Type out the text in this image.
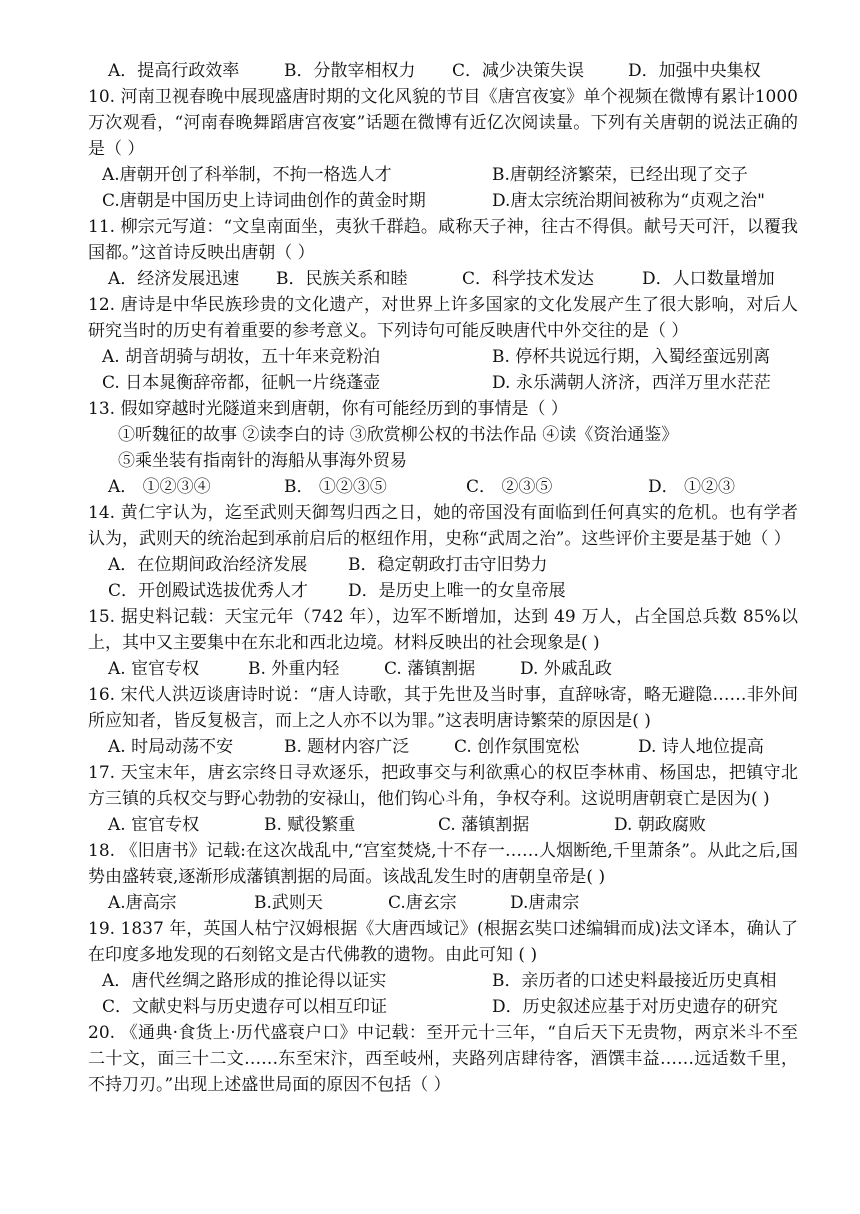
A．提高行政效率	B．分散宰相权力	C．减少决策失误	D．加强中央集权
10. 河南卫视春晚中展现盛唐时期的文化风貌的节目《唐宫夜宴》单个视频在微博有累计1000 万次观看，“河南春晚舞蹈唐宫夜宴”话题在微博有近亿次阅读量。下列有关唐朝的说法正确的是（ ）
A.唐朝开创了科举制，不拘一格选人才	B.唐朝经济繁荣，已经出现了交子
C.唐朝是中国历史上诗词曲创作的黄金时期	D.唐太宗统治期间被称为“贞观之治"
11. 柳宗元写道：“文皇南面坐，夷狄千群趋。咸称天子神，往古不得俱。献号天可汗，以覆我国都。”这首诗反映出唐朝（ ）
A．经济发展迅速	B．民族关系和睦	C．科学技术发达	D．人口数量增加
12. 唐诗是中华民族珍贵的文化遗产，对世界上许多国家的文化发展产生了很大影响，对后人研究当时的历史有着重要的参考意义。下列诗句可能反映唐代中外交往的是（ ）
A. 胡音胡骑与胡妆，五十年来竞粉泊	B. 停杯共说远行期，入蜀经蛮远别离
C. 日本晁衡辞帝都，征帆一片绕蓬壶	D. 永乐满朝人济济，西洋万里水茫茫
13. 假如穿越时光隧道来到唐朝，你有可能经历到的事情是（ ）
①听魏征的故事 ②读李白的诗 ③欣赏柳公权的书法作品 ④读《资治通鉴》
⑤乘坐装有指南针的海船从事海外贸易
A． ①②③④	B． ①②③⑤	C． ②③⑤	D． ①②③
14. 黄仁宇认为，迄至武则天御驾归西之日，她的帝国没有面临到任何真实的危机。也有学者认为，武则天的统治起到承前启后的枢纽作用，史称“武周之治”。这些评价主要是基于她（ ）
A．在位期间政治经济发展	B．稳定朝政打击守旧势力
C．开创殿试选拔优秀人才	D．是历史上唯一的女皇帝展
15. 据史料记载：天宝元年（742 年），边军不断增加，达到 49 万人，占全国总兵数 85%以上，其中又主要集中在东北和西北边境。材料反映出的社会现象是( )
A. 宦官专权	B. 外重内轻	C. 藩镇割据	D. 外戚乱政
16. 宋代人洪迈谈唐诗时说：“唐人诗歌，其于先世及当时事，直辞咏寄，略无避隐……非外间所应知者，皆反复极言，而上之人亦不以为罪。”这表明唐诗繁荣的原因是( )
A. 时局动荡不安	B. 题材内容广泛	C. 创作氛围宽松	D. 诗人地位提高
17. 天宝末年，唐玄宗终日寻欢逐乐，把政事交与利欲熏心的权臣李林甫、杨国忠，把镇守北方三镇的兵权交与野心勃勃的安禄山，他们钩心斗角，争权夺利。这说明唐朝衰亡是因为( )
A. 宦官专权	B. 赋役繁重	C. 藩镇割据	D. 朝政腐败
18. 《旧唐书》记载:在这次战乱中,“宫室焚烧,十不存一……人烟断绝,千里萧条”。从此之后,国势由盛转衰,逐渐形成藩镇割据的局面。该战乱发生时的唐朝皇帝是( )
A.唐高宗	B.武则天	C.唐玄宗	D.唐肃宗
19. 1837 年，英国人枯宁汉姆根据《大唐西域记》(根据玄奘口述编辑而成)法文译本，确认了在印度多地发现的石刻铭文是古代佛教的遗物。由此可知 ( )
A．唐代丝绸之路形成的推论得以证实	B．亲历者的口述史料最接近历史真相
C．文献史料与历史遗存可以相互印证	D．历史叙述应基于对历史遗存的研究
20. 《通典·食货上·历代盛衰户口》中记载：至开元十三年，“自后天下无贵物，两京米斗不至二十文，面三十二文……东至宋汴，西至岐州，夹路列店肆待客，酒馔丰益……远适数千里，不持刀刃。”出现上述盛世局面的原因不包括（ ）
